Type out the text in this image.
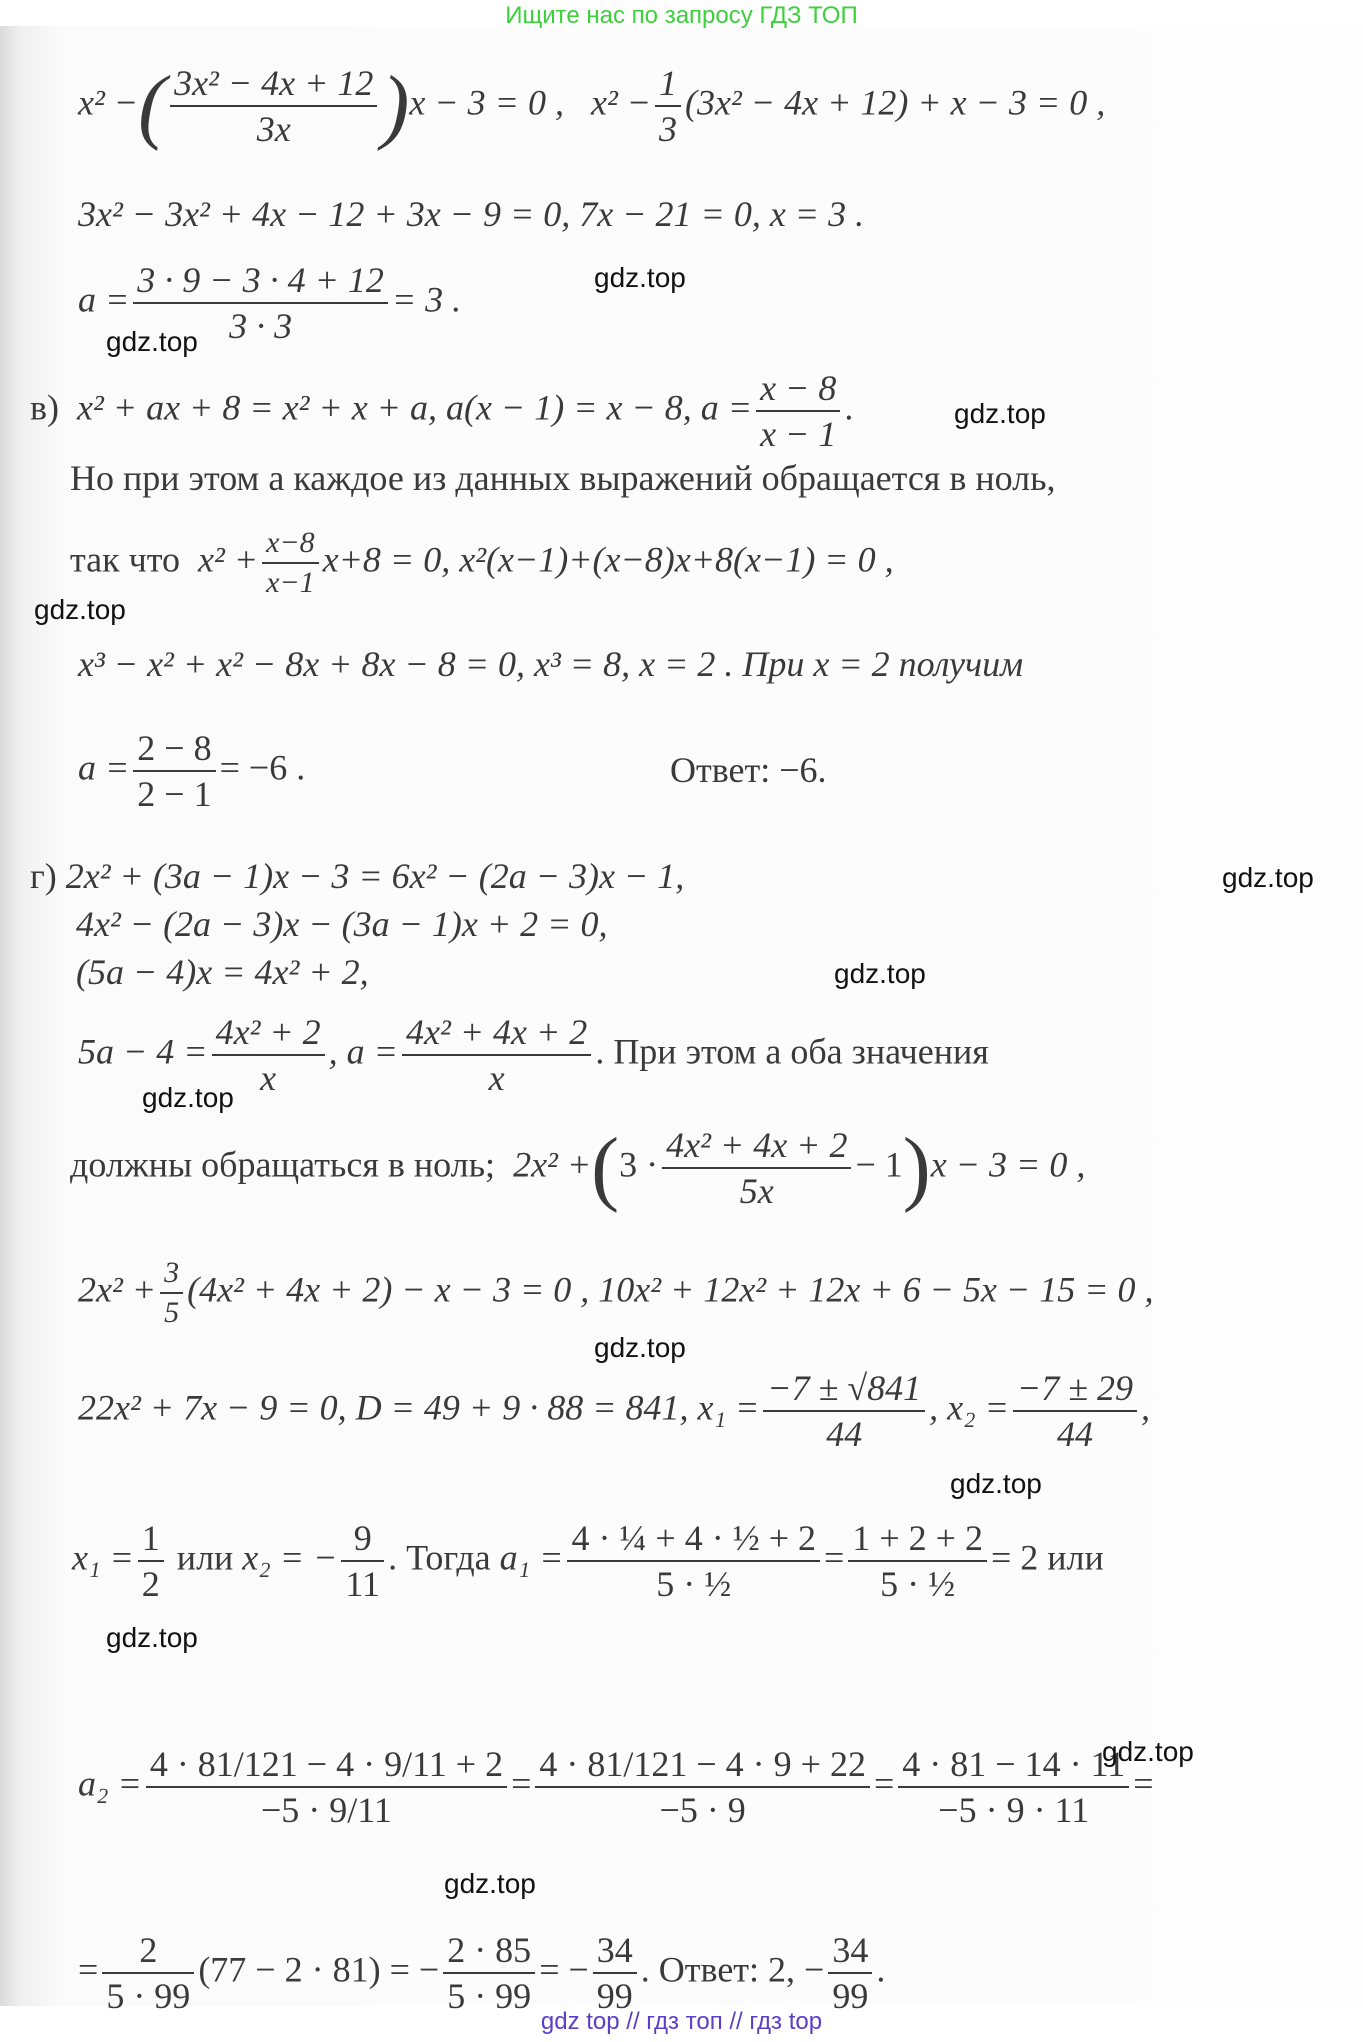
Ищите нас по запросу ГДЗ ТОП
x² −( $\frac{\text{3x² − 4x + 12}}{3x} )x - 3 = 0$ , $x^2 - \frac{1}{3} (3x^2 - 4x + 12) + x - 3 = 0$ ,
3x² − 3x² + 4x − 12 + 3x − 9 = 0, 7x − 21 = 0, x = 3 .
$a = \frac{3 \cdot 9 - 3 \cdot 4 + 12}{3 \cdot 3} = 3$ .
в) x² + ax + 8 = x² + x + a, a(x − 1) = x − 8, $a = \frac{x - 8}{x - 1}$ .
Но при этом a каждое из данных выражений обращается в ноль,
так что $x^2 + \frac{x-8}{x-1} x+8 = 0$, x²(x−1)+(x−8)x+8(x−1) = 0 ,
x³ − x² + x² − 8x + 8x − 8 = 0, x³ = 8, x = 2 . При x = 2 получим
$a = \frac{2 - 8}{2 - 1} = -6$ .	Ответ: −6.
г) 2x² + (3a − 1)x − 3 = 6x² − (2a − 3)x − 1,
4x² − (2a − 3)x − (3a − 1)x + 2 = 0,
(5a − 4)x = 4x² + 2,
$5a - 4 = \frac{\text{4x² + 2}}{x}$ , $a = \frac{\text{4x² + 4x + 2}}{x}$ . При этом a оба значения
должны обращаться в ноль; $2x^2 +(3 \cdot \frac{\text{4x² + 4x + 2}}{5x} - 1)x - 3 = 0$ ,
$2x^2 + \frac{3}{5} (4x^2 + 4x + 2) - x - 3 = 0$ , 10x² + 12x² + 12x + 6 − 5x − 15 = 0 ,
22x² + 7x − 9 = 0, D = 49 + 9 · 88 = 841, $x_1 = \frac{-7 \pm √841}{44}$ , $x_2 = \frac{-7 \pm 29}{44}$ ,
$x_1 = \frac{1}{2}$ или x₂ = − $\frac{9}{11}$ . Тогда $a_1 = \frac{\text{4 · ¼ + 4 · ½ + 2}}{\text{5 · ½}} = \frac{1 + 2 + 2}{\text{5 · ½}} = 2$ или
$a_2 = \frac{4 \cdot 81/121 - 4 \cdot 9/11 + 2}{-5 \cdot 9/11} = \frac{4 \cdot 81/121 - 4 \cdot 9 + 22}{-5 \cdot 9} = \frac{4 \cdot 81 - 14 \cdot 11}{-5 \cdot 9 \cdot 11}$ =
= $\frac{2}{5 \cdot 99} (77 - 2 \cdot 81)$ = − $\frac{2 \cdot 85}{5 \cdot 99}$ = − $\frac{34}{99}$ . Ответ: 2, − $\frac{34}{99}$ .
gdz.top
gdz.top
gdz.top
gdz.top
gdz.top
gdz.top
gdz.top
gdz.top
gdz.top
gdz.top
gdz.top
gdz.top
gdz top // гдз топ // гдз top
